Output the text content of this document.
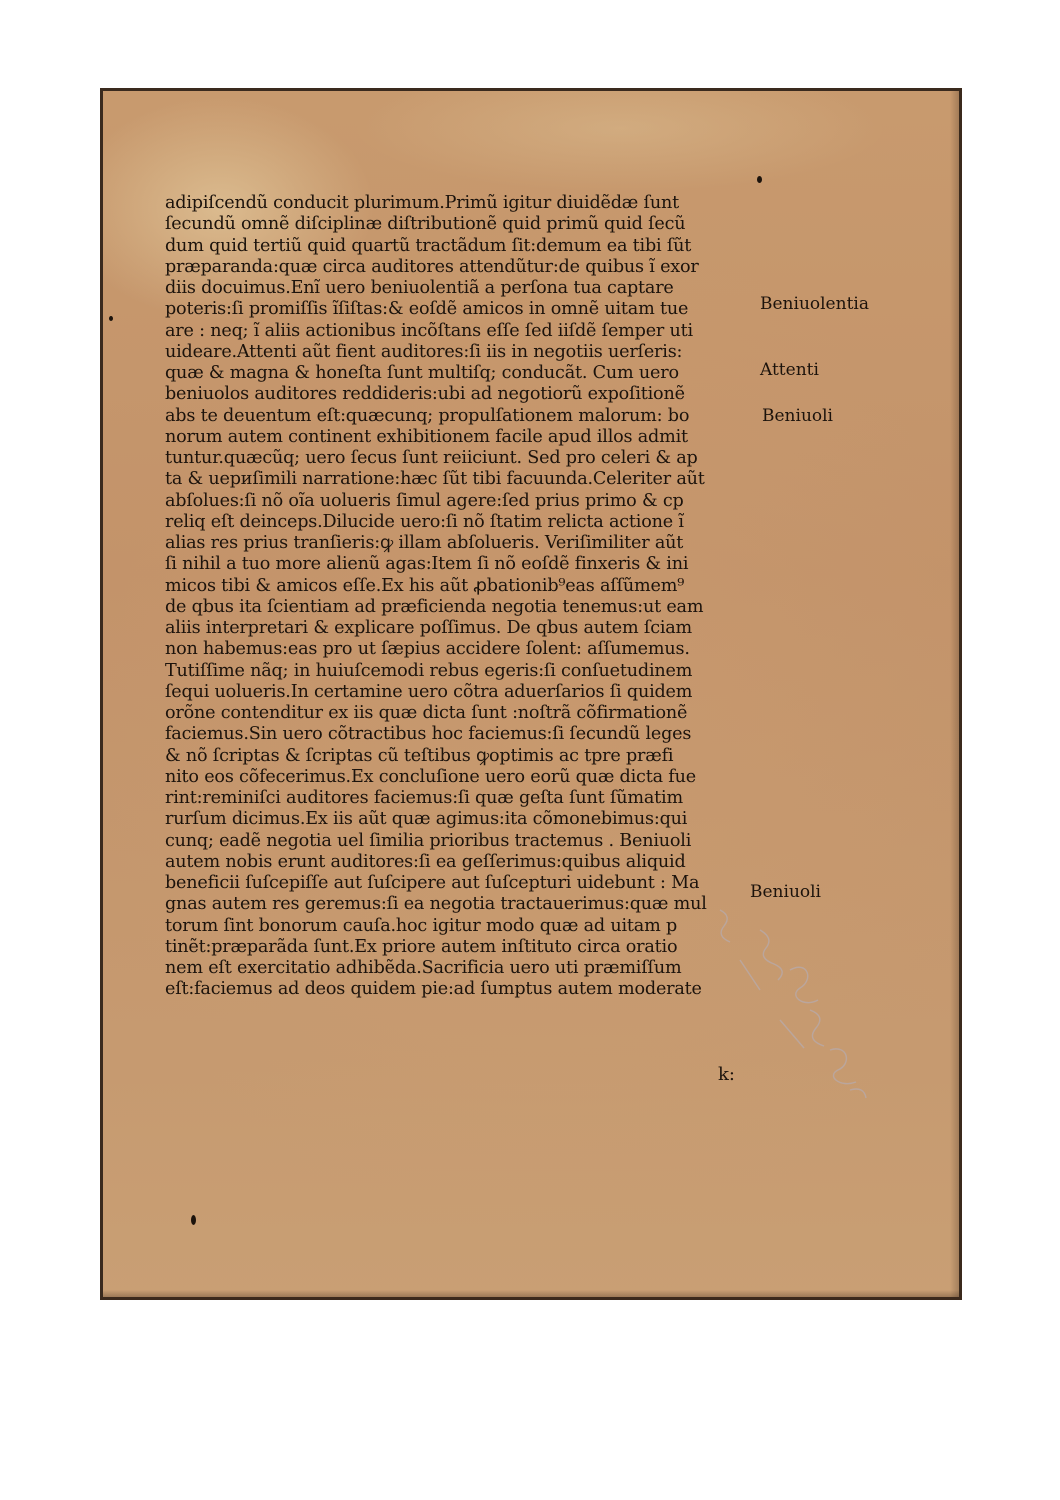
adipiſcendũ conducit plurimum.Primũ igitur diuidẽdæ ſunt
ſecundũ omnẽ diſciplinæ diſtributionẽ quid primũ quid ſecũ
dum quid tertiũ quid quartũ tractãdum ſit:demum ea tibi ſũt
præparanda:quæ circa auditores attendũtur:de quibus ĩ exor
diis docuimus.Enĩ uero beniuolentiã a perſona tua captare
poteris:ſi promiſſis ĩſiſtas:& eoſdẽ amicos in omnẽ uitam tue
are : neq; ĩ aliis actionibus incõſtans eſſe ſed iiſdẽ ſemper uti
uideare.Attenti aũt fient auditores:ſi iis in negotiis uerſeris:
quæ & magna & honeſta ſunt multiſq; conducãt. Cum uero
beniuolos auditores reddideris:ubi ad negotiorũ expoſitionẽ
abs te deuentum eſt:quæcunq; propulſationem malorum: bo
norum autem continent exhibitionem facile apud illos admit
tuntur.quæcũq; uero ſecus ſunt reiiciunt. Sed pro celeri & ap
ta & uериſimili narratione:hæc ſũt tibi facuunda.Celeriter aũt
abſolues:ſi nõ oĩa uolueris ſimul agere:ſed prius primo & cp
reliq eſt deinceps.Dilucide uero:ſi nõ ſtatim relicta actione ĩ
alias res prius tranſieris:ꝙ illam abſolueris. Veriſimiliter aũt
ſi nihil a tuo more alienũ agas:Item ſi nõ eoſdẽ finxeris & ini
micos tibi & amicos eſſe.Ex his aũt ꝓbationib⁹eas aſſũmem⁹
de qbus ita ſcientiam ad præficienda negotia tenemus:ut eam
aliis interpretari & explicare poſſimus. De qbus autem ſciam
non habemus:eas pro ut ſæpius accidere ſolent: aſſumemus.
Tutiſſime nãq; in huiuſcemodi rebus egeris:ſi conſuetudinem
ſequi uolueris.In certamine uero cõtra aduerſarios ſi quidem
orõne contenditur ex iis quæ dicta ſunt :noſtrã cõfirmationẽ
faciemus.Sin uero cõtractibus hoc faciemus:ſi ſecundũ leges
& nõ ſcriptas & ſcriptas cũ teſtibus ꝙoptimis ac tpre præfi
nito eos cõfecerimus.Ex concluſione uero eorũ quæ dicta fue
rint:reminiſci auditores faciemus:ſi quæ geſta ſunt ſũmatim
rurſum dicimus.Ex iis aũt quæ agimus:ita cõmonebimus:qui
cunq; eadẽ negotia uel ſimilia prioribus tractemus . Beniuoli
autem nobis erunt auditores:ſi ea geſſerimus:quibus aliquid
beneficii ſuſcepiſſe aut ſuſcipere aut ſuſcepturi uidebunt : Ma
gnas autem res geremus:ſi ea negotia tractauerimus:quæ mul
torum ſint bonorum cauſa.hoc igitur modo quæ ad uitam p
tinẽt:præparãda ſunt.Ex priore autem inſtituto circa oratio
nem eſt exercitatio adhibẽda.Sacrificia uero uti præmiſſum
eſt:faciemus ad deos quidem pie:ad ſumptus autem moderate
Beniuolentia
Attenti
Beniuoli
Beniuoli
k:
